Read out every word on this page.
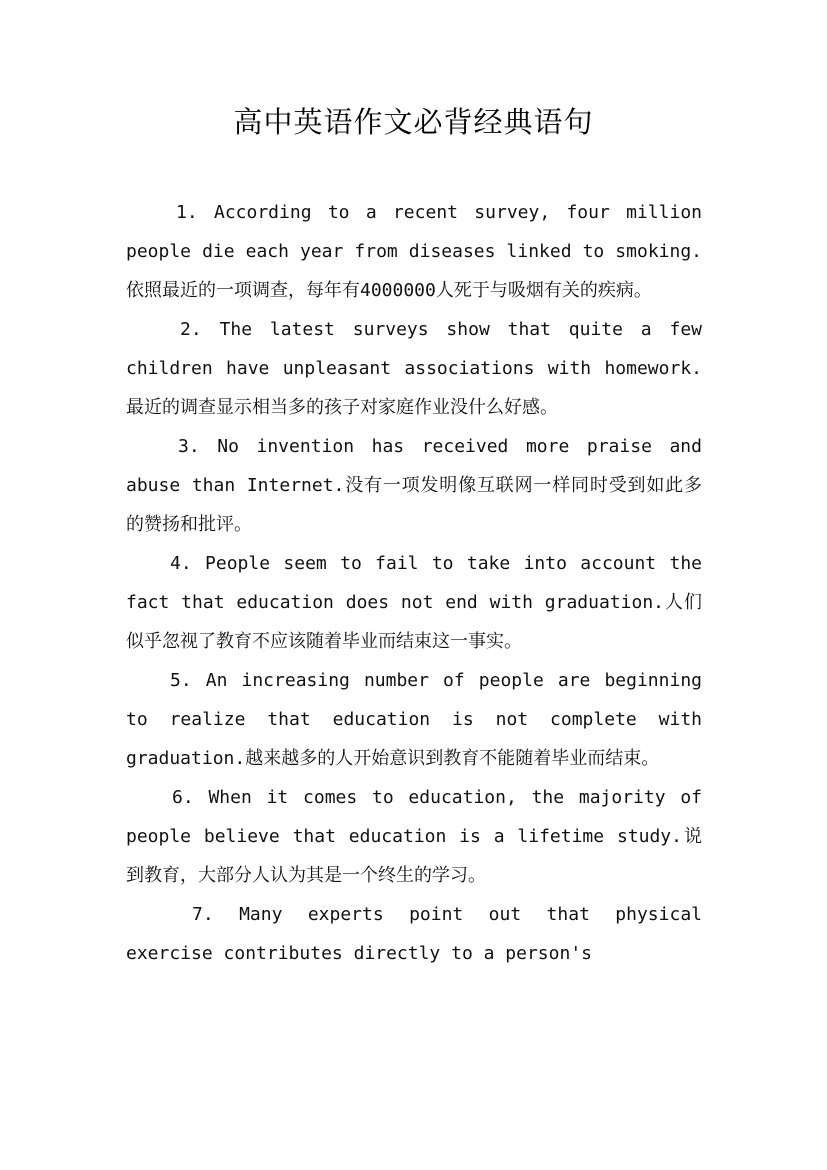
高中英语作文必背经典语句

1. According to a recent survey, four million people die each year from diseases linked to smoking.依照最近的一项调查，每年有4000000人死于与吸烟有关的疾病。

2. The latest surveys show that quite a few children have unpleasant associations with homework.最近的调查显示相当多的孩子对家庭作业没什么好感。

3. No invention has received more praise and abuse than Internet.没有一项发明像互联网一样同时受到如此多的赞扬和批评。

4. People seem to fail to take into account the fact that education does not end with graduation.人们似乎忽视了教育不应该随着毕业而结束这一事实。

5. An increasing number of people are beginning to realize that education is not complete with graduation.越来越多的人开始意识到教育不能随着毕业而结束。

6. When it comes to education, the majority of people believe that education is a lifetime study.说到教育，大部分人认为其是一个终生的学习。

7. Many experts point out that physical exercise contributes directly to a person's
